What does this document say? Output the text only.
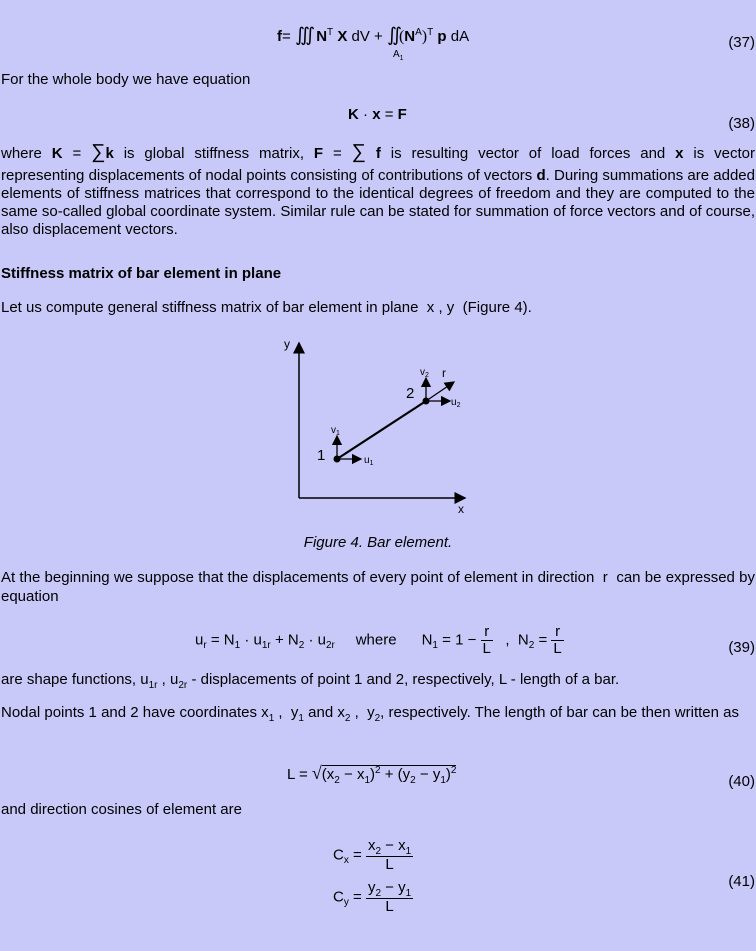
f= ∭ $N^T$ X dV + $∬(N^A)^T$ p dA
$A_1$
(37)
For the whole body we have equation
K · x = F
(38)
where K = ∑k is global stiffness matrix, F = ∑ f is resulting vector of load forces and x is vector
representing displacements of nodal points consisting of contributions of vectors d. During summations are added elements of stiffness matrices that correspond to the identical degrees of freedom and they are computed to the same so-called global coordinate system. Similar rule can be stated for summation of force vectors and of course, also displacement vectors.
Stiffness matrix of bar element in plane
Let us compute general stiffness matrix of bar element in plane  x , y  (Figure 4).
y
x
1
2
r
$v_1$
$u_1$
$v_2$
$u_2$
Figure 4. Bar element.
At the beginning we suppose that the displacements of every point of element in direction  r  can be expressed by equation
$u_r = N_1 \cdot u_{1r} + N_2 \cdot u_{2r}$ where      $N_1 = 1 - \frac{r}{L}$ ,  $N_2 = \frac{r}{L}$	(39)
are shape functions, $u_{1r}$ , $u_{2r}$ - displacements of point 1 and 2, respectively, L - length of a bar.
Nodal points 1 and 2 have coordinates $x_1$ ,  $y_1$ and $x_2$ ,  $y_2$, respectively. The length of bar can be then written as
$L = √(x_2 - x_1)^2 + (y_2 - y_1)^2$
(40)
and direction cosines of element are
$C_x = \frac{x_2 - x_1}{L}$
$C_y = \frac{y_2 - y_1}{L}$	(41)
